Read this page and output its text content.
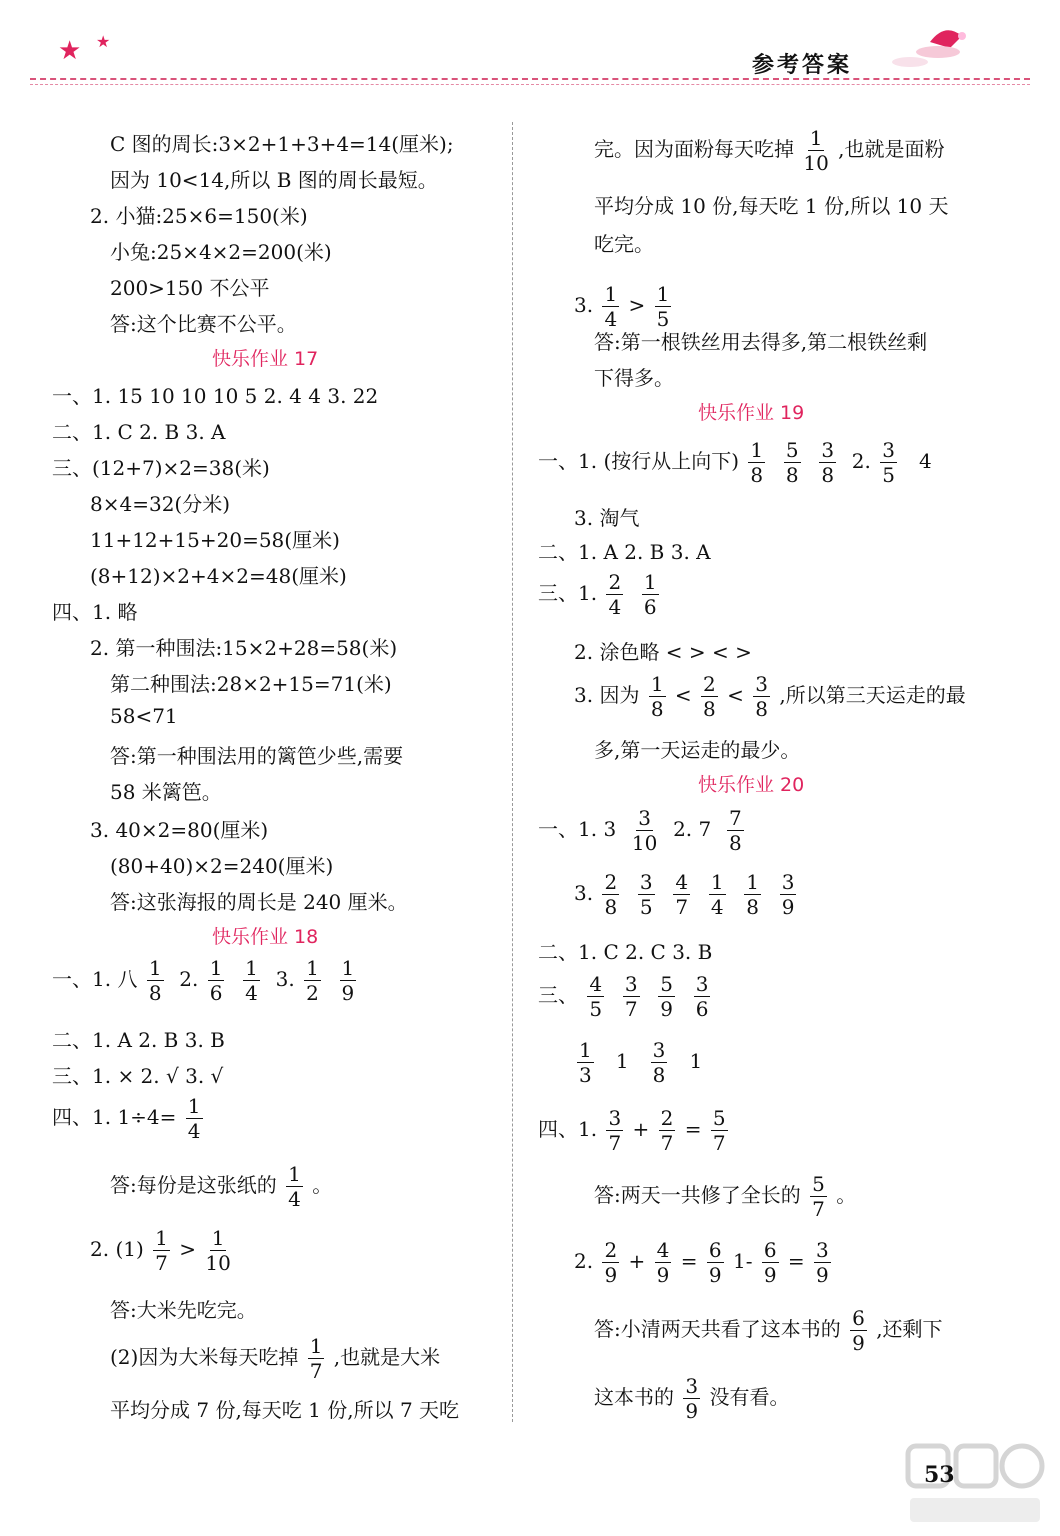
★ ★
参考答案
C 图的周长:3×2+1+3+4=14(厘米);
因为 10<14,所以 B 图的周长最短。
2. 小猫:25×6=150(米)
小兔:25×4×2=200(米)
200>150 不公平
答:这个比赛不公平。
快乐作业 17
一、1. 15 10 10 10 5 2. 4 4 3. 22
二、1. C 2. B 3. A
三、(12+7)×2=38(米)
8×4=32(分米)
11+12+15+20=58(厘米)
(8+12)×2+4×2=48(厘米)
四、1. 略
2. 第一种围法:15×2+28=58(米)
第二种围法:28×2+15=71(米)
58<71
答:第一种围法用的篱笆少些,需要
58 米篱笆。
3. 40×2=80(厘米)
(80+40)×2=240(厘米)
答:这张海报的周长是 240 厘米。
快乐作业 18
一、1. 八 $\frac{1}{8} 2$. $\frac{1}{6}$
$\frac{1}{4} 3$. $\frac{1}{2}$
$\frac{1}{9}$
二、1. A 2. B 3. B
三、1. × 2. √ 3. √
四、1. $1\div 4= \frac{1}{4}$
答:每份是这张纸的 $\frac{1}{4}$ 。
2. $(1) \frac{1}{7} > \frac{1}{10}$
答:大米先吃完。
(2)因为大米每天吃掉 $\frac{1}{7}$ ,也就是大米
平均分成 7 份,每天吃 1 份,所以 7 天吃
完。因为面粉每天吃掉 $\frac{1}{10}$ ,也就是面粉
平均分成 10 份,每天吃 1 份,所以 10 天
吃完。
3. $\frac{1}{4} > \frac{1}{5}$
答:第一根铁丝用去得多,第二根铁丝剩
下得多。
快乐作业 19
一、1. (按行从上向下) $\frac{1}{8}$
$\frac{5}{8}$
$\frac{3}{8} 2$. $\frac{3}{5} 4$
3. 淘气
二、1. A 2. B 3. A
三、1. $\frac{2}{4}$
$\frac{1}{6}$
2. 涂色略 < > < >
3. 因为 $\frac{1}{8} < \frac{2}{8} < \frac{3}{8}$ ,所以第三天运走的最
多,第一天运走的最少。
快乐作业 20
一、1. $3 \frac{3}{10} 2$. $7 \frac{7}{8}$
3. $\frac{2}{8}$
$\frac{3}{5}$
$\frac{4}{7}$
$\frac{1}{4}$
$\frac{1}{8}$
$\frac{3}{9}$
二、1. C 2. C 3. B
三、 $\frac{4}{5}$
$\frac{3}{7}$
$\frac{5}{9}$
$\frac{3}{6}$
$\frac{1}{3} 1 \frac{3}{8} 1$
四、1. $\frac{3}{7} + \frac{2}{7} = \frac{5}{7}$
答:两天一共修了全长的 $\frac{5}{7}$ 。
2. $\frac{2}{9} + \frac{4}{9} = \frac{6}{9} 1- \frac{6}{9} = \frac{3}{9}$
答:小清两天共看了这本书的 $\frac{6}{9}$ ,还剩下
这本书的 $\frac{3}{9}$ 没有看。
53
